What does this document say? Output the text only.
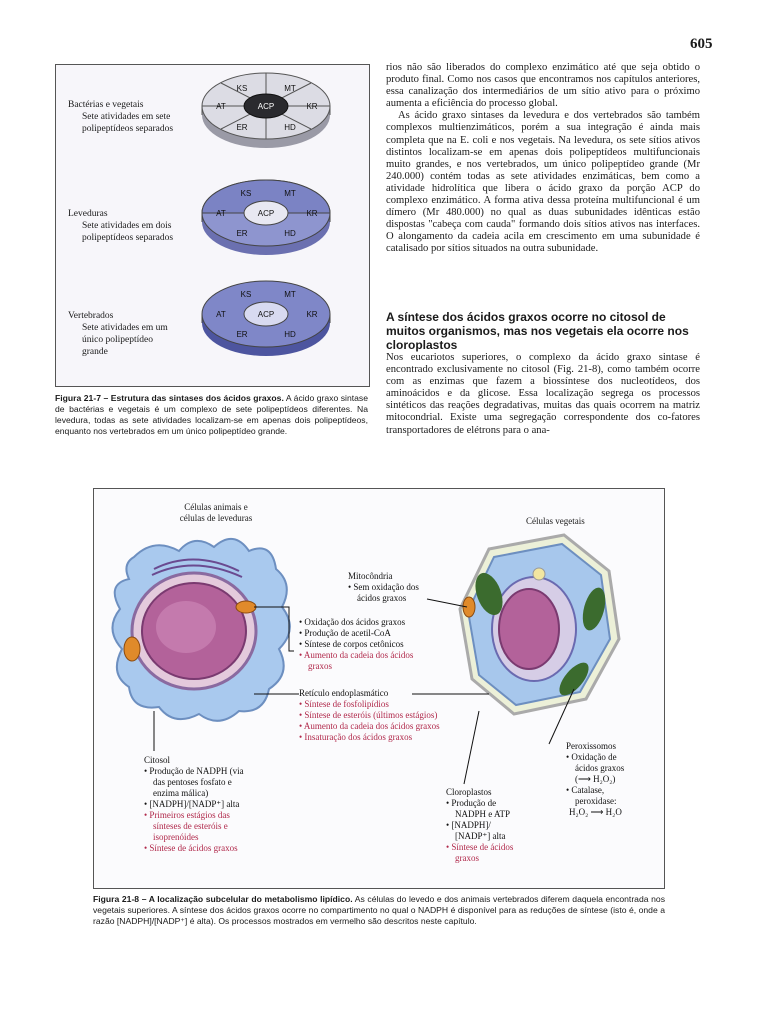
605
Bactérias e vegetais
Sete atividades em sete
polipeptídeos separados
Leveduras
Sete atividades em dois
polipeptídeos separados
Vertebrados
Sete atividades em um
único polipeptídeo
grande
ACP
KS	MT
AT	KR
ER	HD
ACP
KS	MT
AT	KR
ER	HD
ACP
KS	MT
AT	KR
ER	HD
Figura 21-7 – Estrutura das sintases dos ácidos graxos. A ácido graxo sintase de bactérias e vegetais é um complexo de sete polipeptídeos diferentes. Na levedura, todas as sete atividades localizam-se em apenas dois polipeptídeos, enquanto nos vertebrados em um único polipeptídeo grande.

rios não são liberados do complexo enzimático até que seja obtido o produto final. Como nos casos que encontramos nos capítulos anteriores, essa canalização dos intermediários de um sítio ativo para o próximo aumenta a eficiência do processo global.

As ácido graxo sintases da levedura e dos vertebrados são também complexos multienzimáticos, porém a sua integração é ainda mais completa que na E. coli e nos vegetais. Na levedura, os sete sítios ativos distintos localizam-se em apenas dois polipeptídeos multifuncionais muito grandes, e nos vertebrados, um único polipeptídeo grande (Mr 240.000) contém todas as sete atividades enzimáticas, bem como a atividade hidrolítica que libera o ácido graxo da porção ACP do complexo enzimático. A forma ativa dessa proteína multifuncional é um dímero (Mr 480.000) no qual as duas subunidades idênticas estão dispostas "cabeça com cauda" formando dois sítios ativos nas interfaces. O alongamento da cadeia acila em crescimento em uma subunidade é catalisado por sítios situados na outra subunidade.

A síntese dos ácidos graxos ocorre no citosol de muitos organismos, mas nos vegetais ela ocorre nos cloroplastos

Nos eucariotos superiores, o complexo da ácido graxo sintase é encontrado exclusivamente no citosol (Fig. 21-8), como também ocorre com as enzimas que fazem a biossíntese dos nucleotídeos, dos aminoácidos e da glicose. Essa localização segrega os processos sintéticos das reações degradativas, muitas das quais ocorrem na matriz mitocondrial. Existe uma segregação correspondente dos co-fatores transportadores de elétrons para o ana-

Células animais e
células de leveduras	Células vegetais
Mitocôndria
• Sem oxidação dos
ácidos graxos
• Oxidação dos ácidos graxos
• Produção de acetil-CoA
• Síntese de corpos cetônicos
• Aumento da cadeia dos ácidos
graxos
Retículo endoplasmático
• Síntese de fosfolipídios
• Síntese de esteróis (últimos estágios)
• Aumento da cadeia dos ácidos graxos
• Insaturação dos ácidos graxos
Citosol
• Produção de NADPH (via
das pentoses fosfato e
enzima málica)
• [NADPH]/[NADP⁺] alta
• Primeiros estágios das
sínteses de esteróis e
isoprenóides
• Síntese de ácidos graxos
Cloroplastos
• Produção de
NADPH e ATP
• [NADPH]/
[NADP⁺] alta
• Síntese de ácidos
graxos
Peroxissomos
• Oxidação de
ácidos graxos
(⟶ H₂O₂)
• Catalase,
peroxidase:
H₂O₂ ⟶ H₂O
Figura 21-8 – A localização subcelular do metabolismo lipídico. As células do levedo e dos animais vertebrados diferem daquela encontrada nos vegetais superiores. A síntese dos ácidos graxos ocorre no compartimento no qual o NADPH é disponível para as reduções de síntese (isto é, onde a razão [NADPH]/[NADP⁺] é alta). Os processos mostrados em vermelho são descritos neste capítulo.
